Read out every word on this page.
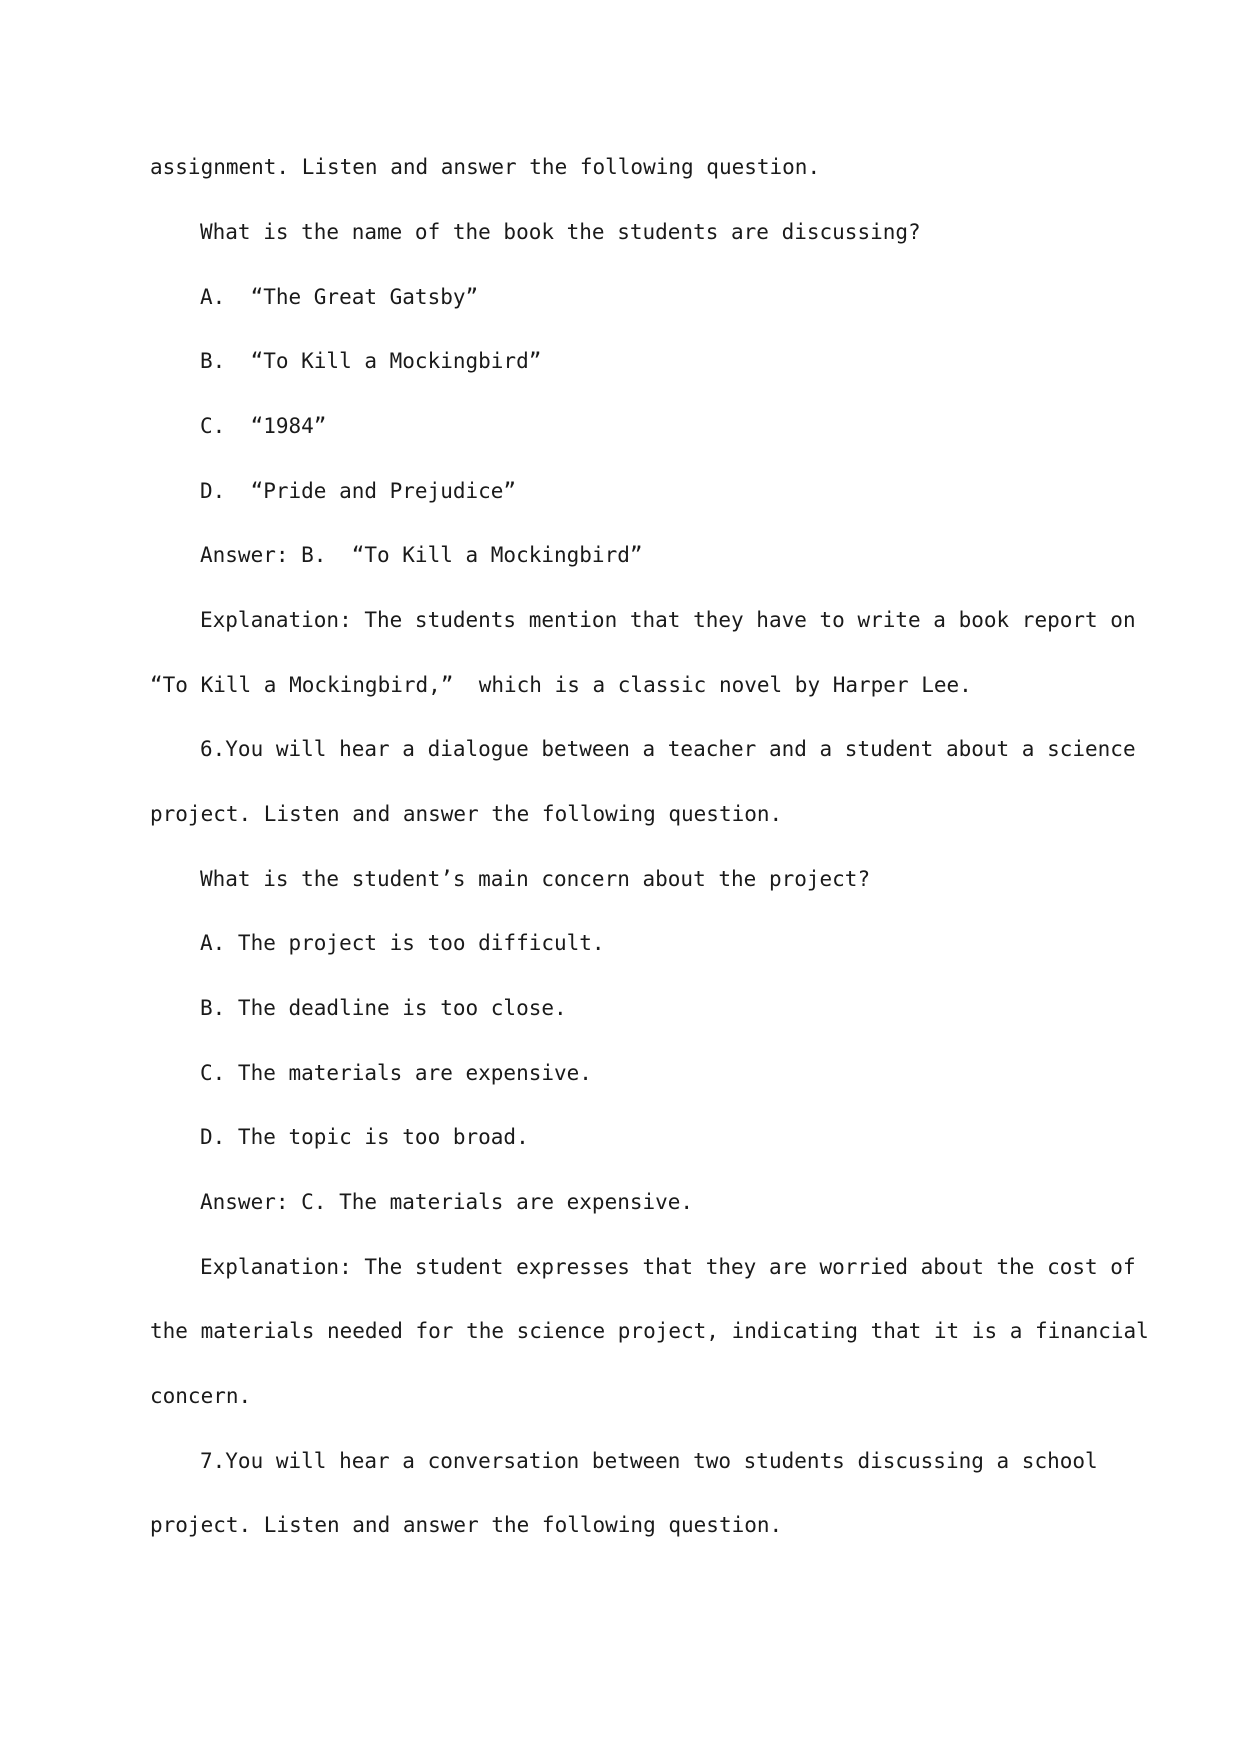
assignment. Listen and answer the following question.
What is the name of the book the students are discussing?
A.  “The Great Gatsby”
B.  “To Kill a Mockingbird”
C.  “1984”
D.  “Pride and Prejudice”
Answer: B.  “To Kill a Mockingbird”
Explanation: The students mention that they have to write a book report on
“To Kill a Mockingbird,”  which is a classic novel by Harper Lee.
6.You will hear a dialogue between a teacher and a student about a science
project. Listen and answer the following question.
What is the student’s main concern about the project?
A. The project is too difficult.
B. The deadline is too close.
C. The materials are expensive.
D. The topic is too broad.
Answer: C. The materials are expensive.
Explanation: The student expresses that they are worried about the cost of
the materials needed for the science project, indicating that it is a financial
concern.
7.You will hear a conversation between two students discussing a school
project. Listen and answer the following question.
